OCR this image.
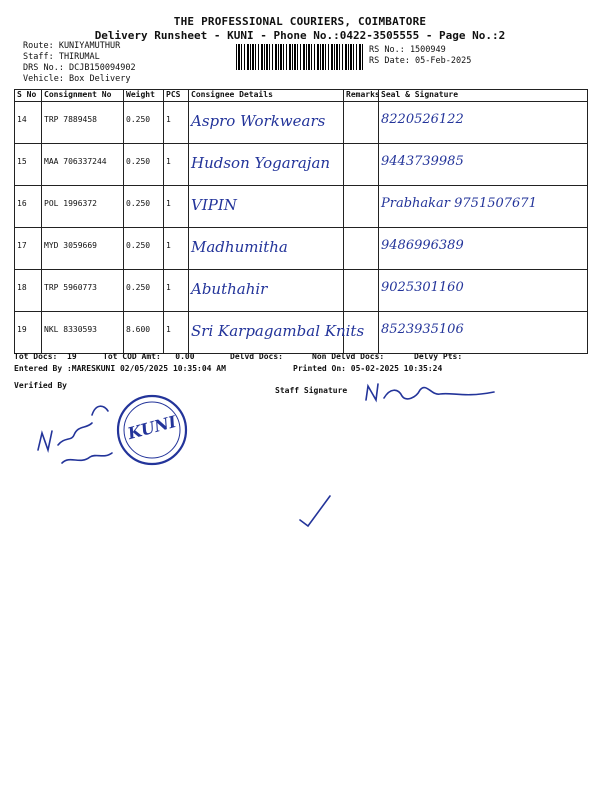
THE PROFESSIONAL COURIERS, COIMBATORE
Delivery Runsheet - KUNI - Phone No.:0422-3505555 - Page No.:2
Route: KUNIYAMUTHUR
Staff: THIRUMAL
DRS No.: DCJB150094902
Vehicle: Box Delivery
RS No.: 1500949
RS Date: 05-Feb-2025
S No	Consignment No	Weight	PCS	Consignee Details	Remarks	Seal & Signature
14	TRP 7889458	0.250	1	Aspro Workwears		8220526122
15	MAA 706337244	0.250	1	Hudson Yogarajan		9443739985
16	POL 1996372	0.250	1	VIPIN		Prabhakar 9751507671
17	MYD 3059669	0.250	1	Madhumitha		9486996389
18	TRP 5960773	0.250	1	Abuthahir		9025301160
19	NKL 8330593	8.600	1	Sri Karpagambal Knits		8523935106
Tot Docs: 19	Tot COD Amt: 0.00	Delvd Docs:	Non Delvd Docs:	Delvy Pts:
Entered By :MARESKUNI 02/05/2025 10:35:04 AM	Printed On: 05-02-2025 10:35:24
Verified By
Staff Signature
KUNI
